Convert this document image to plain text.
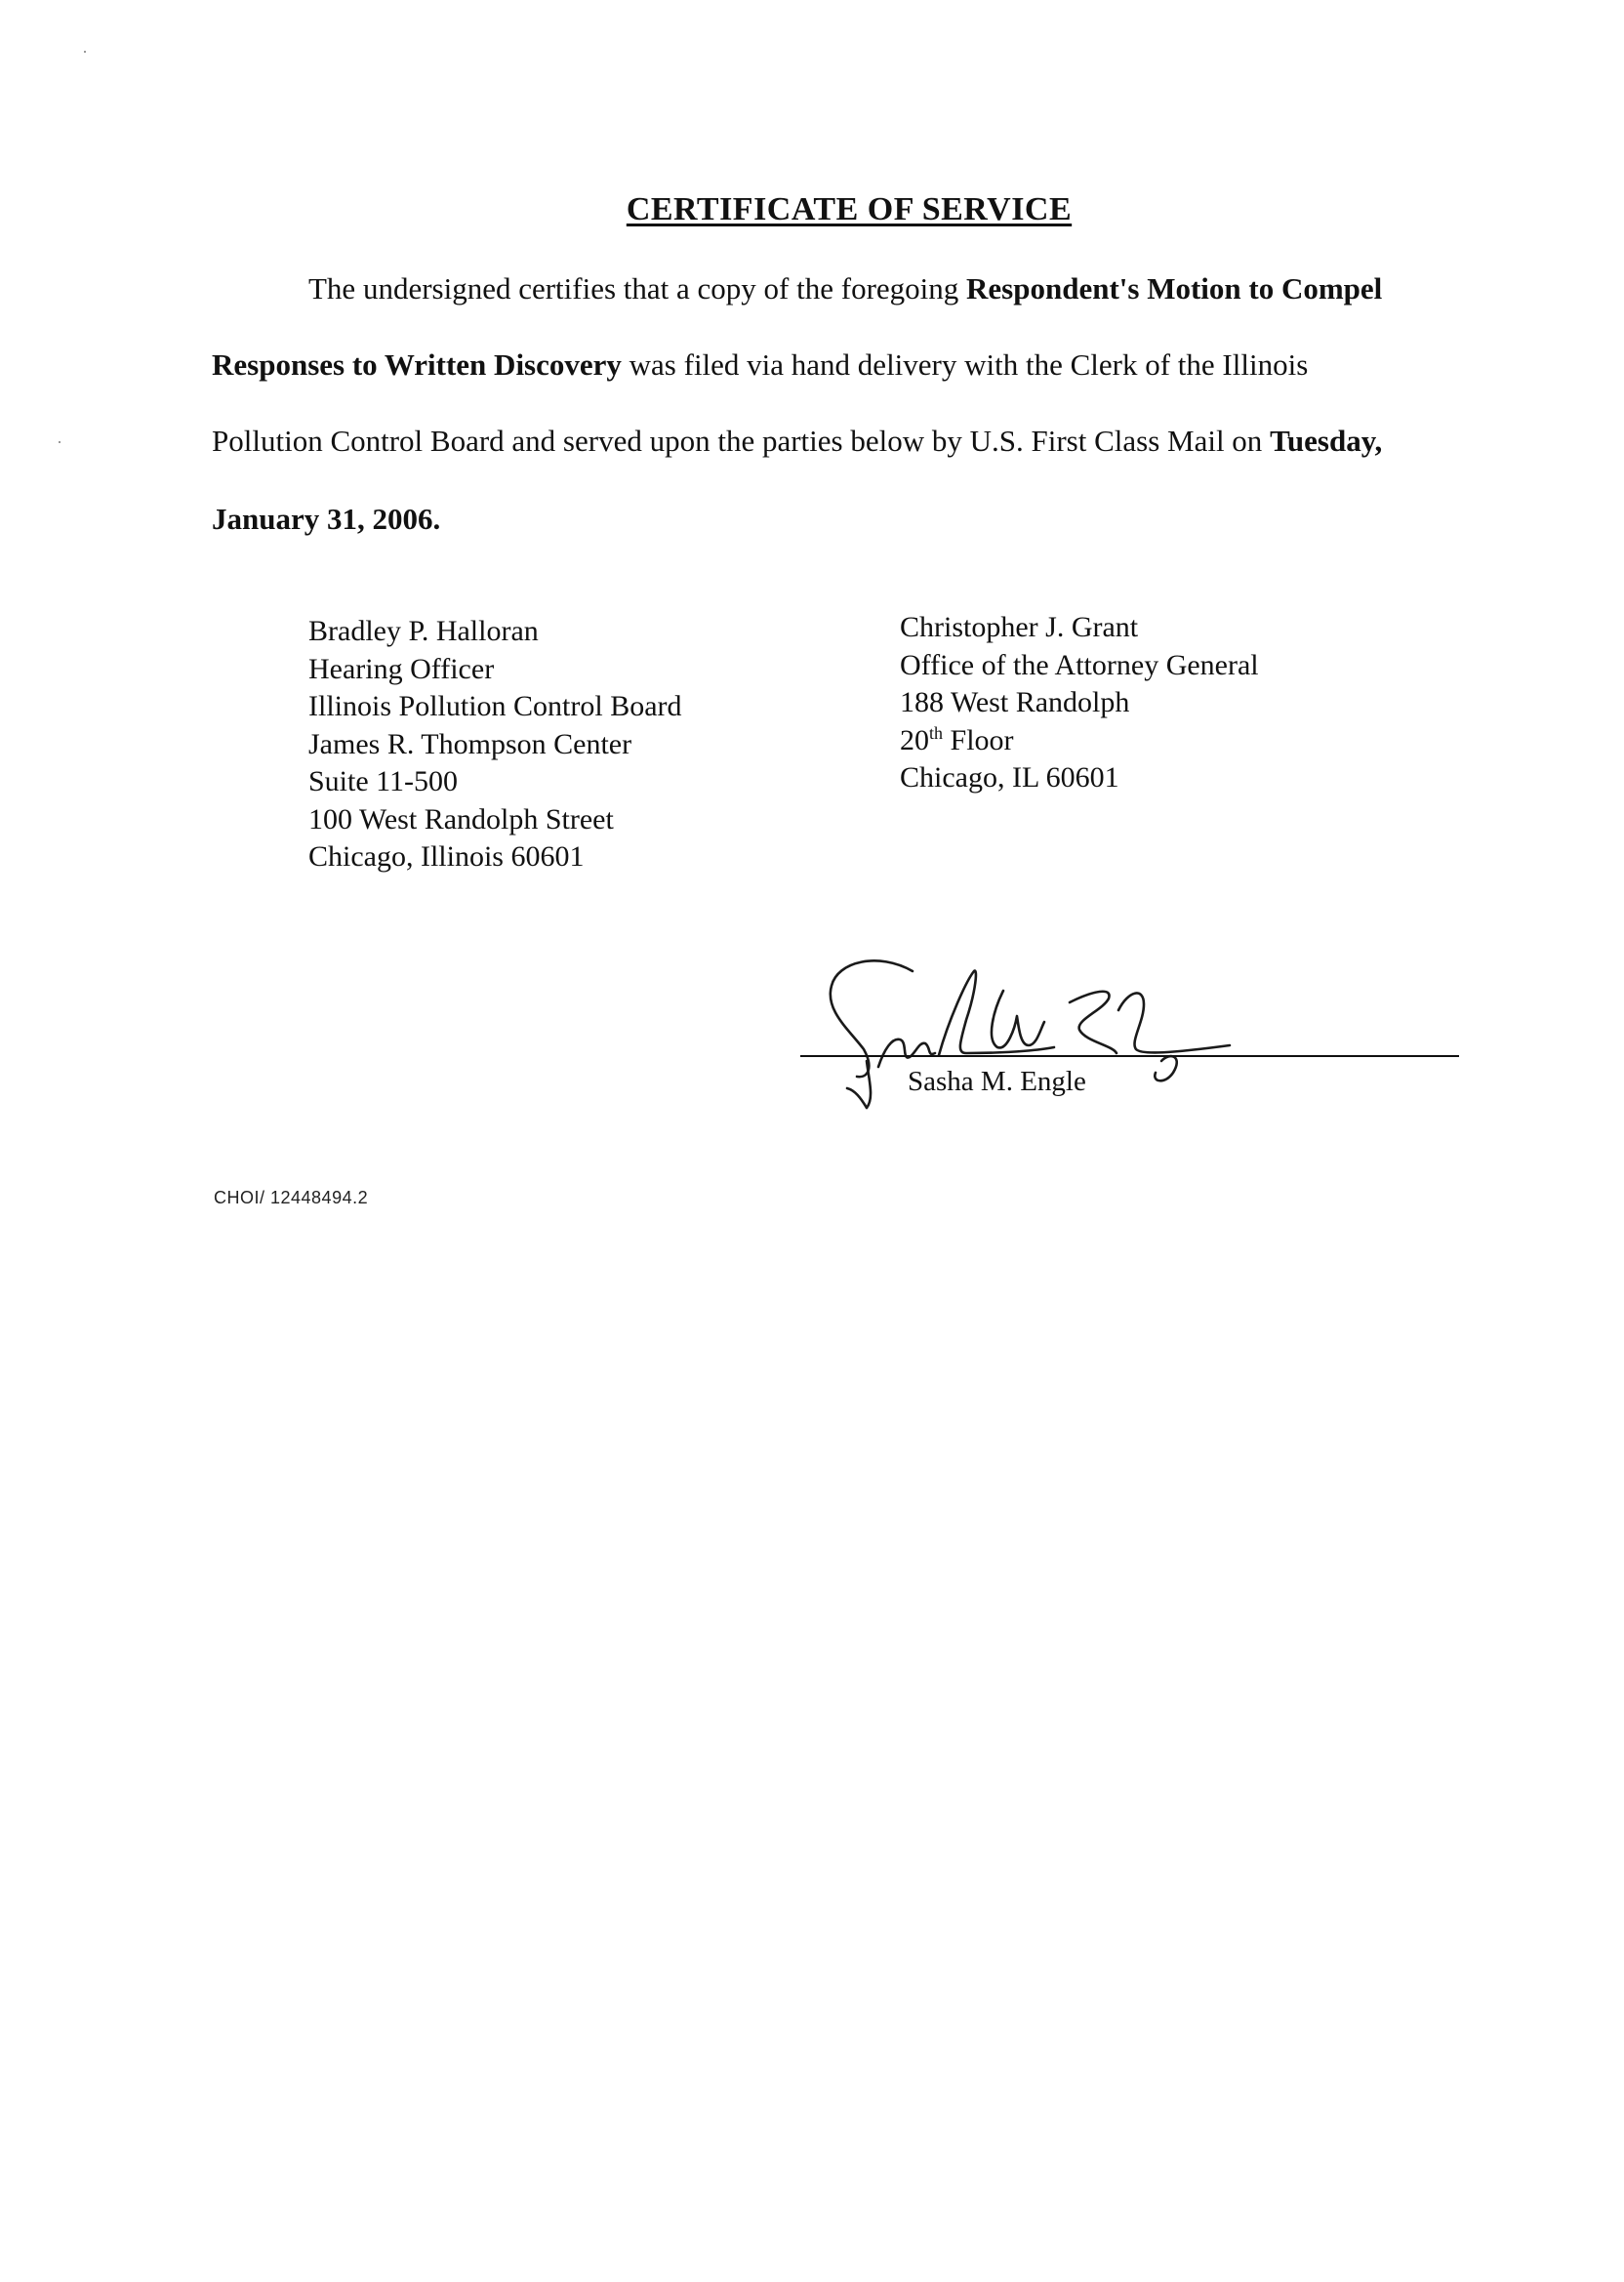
CERTIFICATE OF SERVICE
The undersigned certifies that a copy of the foregoing Respondent's Motion to Compel
Responses to Written Discovery was filed via hand delivery with the Clerk of the Illinois
Pollution Control Board and served upon the parties below by U.S. First Class Mail on Tuesday,
January 31, 2006.
Bradley P. Halloran
Hearing Officer
Illinois Pollution Control Board
James R. Thompson Center
Suite 11-500
100 West Randolph Street
Chicago, Illinois 60601
Christopher J. Grant
Office of the Attorney General
188 West Randolph
20th Floor
Chicago, IL 60601
Sasha M. Engle
CHOI/ 12448494.2
